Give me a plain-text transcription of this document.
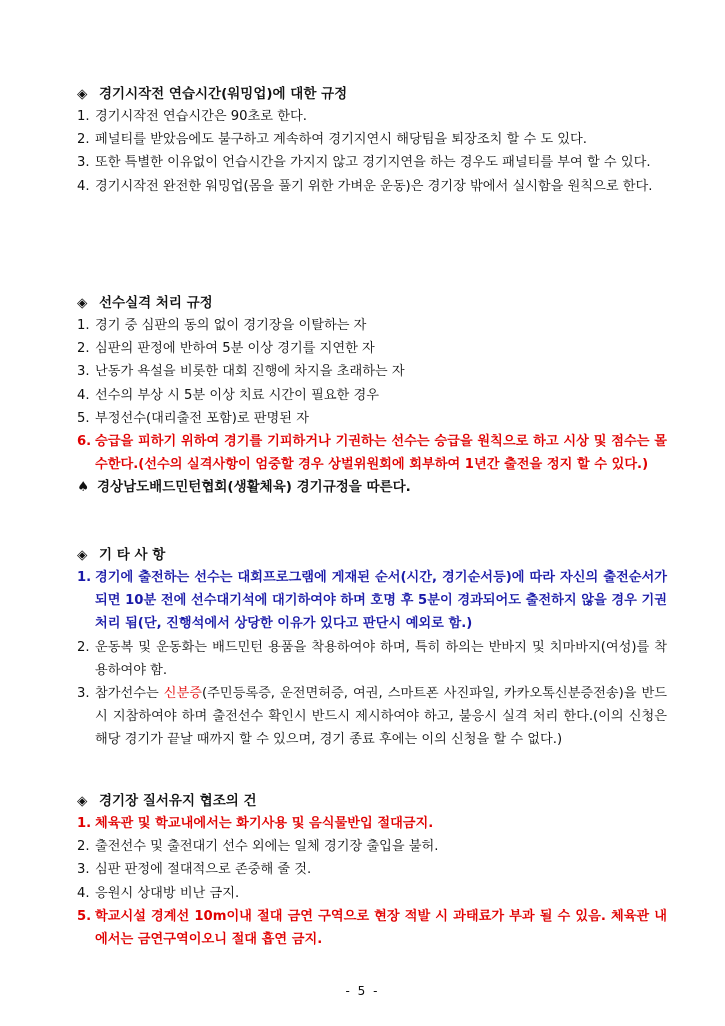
◈ 경기시작전 연습시간(워밍업)에 대한 규정
1. 경기시작전 연습시간은 90초로 한다.
2. 페널티를 받았음에도 불구하고 계속하여 경기지연시 해당팀을 퇴장조치 할 수 도 있다.
3. 또한 특별한 이유없이 언습시간을 가지지 않고 경기지연을 하는 경우도 패널티를 부여 할 수 있다.
4. 경기시작전 완전한 워밍업(몸을 풀기 위한 가벼운 운동)은 경기장 밖에서 실시함을 원칙으로 한다.
◈ 선수실격 처리 규정
1. 경기 중 심판의 동의 없이 경기장을 이탈하는 자
2. 심판의 판정에 반하여 5분 이상 경기를 지연한 자
3. 난동가 욕설을 비롯한 대회 진행에 차지을 초래하는 자
4. 선수의 부상 시 5분 이상 치료 시간이 필요한 경우
5. 부정선수(대리출전 포함)로 판명된 자
6. 승급을 피하기 위하여 경기를 기피하거나 기권하는 선수는 승급을 원칙으로 하고 시상 및 점수는 몰수한다.(선수의 실격사항이 엄중할 경우 상벌위원회에 회부하여 1년간 출전을 정지 할 수 있다.)
♠ 경상남도배드민턴협회(생활체육) 경기규정을 따른다.
◈ 기 타 사 항
1. 경기에 출전하는 선수는 대회프로그램에 게재된 순서(시간, 경기순서등)에 따라 자신의 출전순서가 되면 10분 전에 선수대기석에 대기하여야 하며 호명 후 5분이 경과되어도 출전하지 않을 경우 기권처리 됨(단, 진행석에서 상당한 이유가 있다고 판단시 예외로 함.)
2. 운동복 및 운동화는 배드민턴 용품을 착용하여야 하며, 특히 하의는 반바지 및 치마바지(여성)를 착용하여야 함.
3. 참가선수는 신분증(주민등록증, 운전면허증, 여권, 스마트폰 사진파일, 카카오톡신분증전송)을 반드시 지참하여야 하며 출전선수 확인시 반드시 제시하여야 하고, 불응시 실격 처리 한다.(이의 신청은 해당 경기가 끝날 때까지 할 수 있으며, 경기 종료 후에는 이의 신청을 할 수 없다.)
◈ 경기장 질서유지 협조의 건
1. 체육관 및 학교내에서는 화기사용 및 음식물반입 절대금지.
2. 출전선수 및 출전대기 선수 외에는 일체 경기장 출입을 불허.
3. 심판 판정에 절대적으로 존중해 줄 것.
4. 응원시 상대방 비난 금지.
5. 학교시설 경계선 10m이내 절대 금연 구역으로 현장 적발 시 과태료가 부과 될 수 있음. 체육관 내에서는 금연구역이오니 절대 흡연 금지.
- 5 -
